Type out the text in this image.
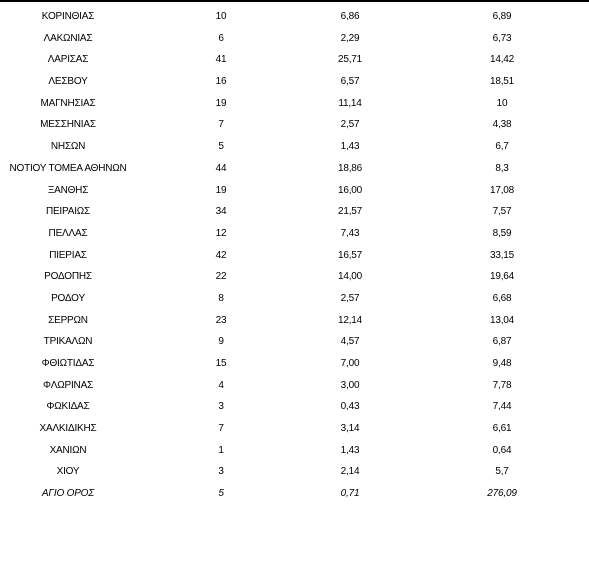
ΚΟΡΙΝΘΙΑΣ	10	6,86	6,89
ΛΑΚΩΝΙΑΣ	6	2,29	6,73
ΛΑΡΙΣΑΣ	41	25,71	14,42
ΛΕΣΒΟΥ	16	6,57	18,51
ΜΑΓΝΗΣΙΑΣ	19	11,14	10
ΜΕΣΣΗΝΙΑΣ	7	2,57	4,38
ΝΗΣΩΝ	5	1,43	6,7
ΝΟΤΙΟΥ ΤΟΜΕΑ ΑΘΗΝΩΝ	44	18,86	8,3
ΞΑΝΘΗΣ	19	16,00	17,08
ΠΕΙΡΑΙΩΣ	34	21,57	7,57
ΠΕΛΛΑΣ	12	7,43	8,59
ΠΙΕΡΙΑΣ	42	16,57	33,15
ΡΟΔΟΠΗΣ	22	14,00	19,64
ΡΟΔΟΥ	8	2,57	6,68
ΣΕΡΡΩΝ	23	12,14	13,04
ΤΡΙΚΑΛΩΝ	9	4,57	6,87
ΦΘΙΩΤΙΔΑΣ	15	7,00	9,48
ΦΛΩΡΙΝΑΣ	4	3,00	7,78
ΦΩΚΙΔΑΣ	3	0,43	7,44
ΧΑΛΚΙΔΙΚΗΣ	7	3,14	6,61
ΧΑΝΙΩΝ	1	1,43	0,64
ΧΙΟΥ	3	2,14	5,7
ΑΓΙΟ ΟΡΟΣ	5	0,71	276,09
